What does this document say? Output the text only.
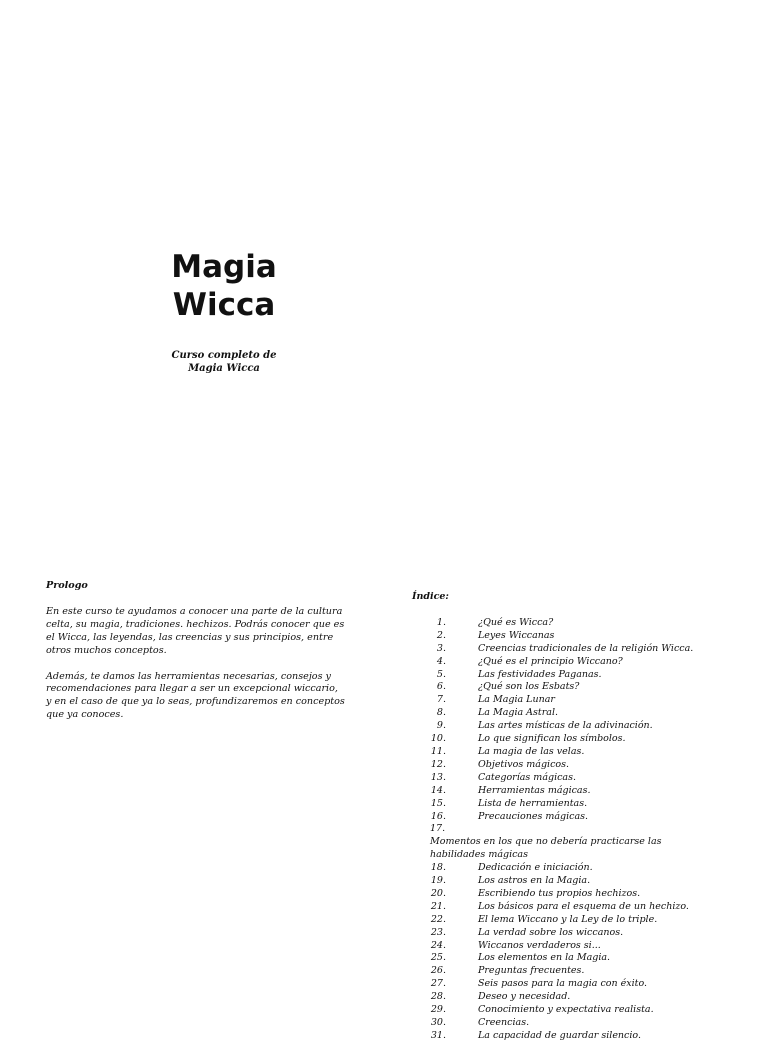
Magia
Wicca

Curso completo de
Magia Wicca

Prologo

En este curso te ayudamos a conocer una parte de la cultura celta, su magia, tradiciones. hechizos. Podrás conocer que es el Wicca, las leyendas, las creencias y sus principios, entre otros muchos conceptos.

Además, te damos las herramientas necesarias, consejos y recomendaciones para llegar a ser un excepcional wiccario, y en el caso de que ya lo seas, profundizaremos en conceptos que ya conoces.

Índice:
1.	¿Qué es Wicca?
2.	Leyes Wiccanas
3.	Creencias tradicionales de la religión Wicca.
4.	¿Qué es el principio Wiccano?
5.	Las festividades Paganas.
6.	¿Qué son los Esbats?
7.	La Magia Lunar
8.	La Magia Astral.
9.	Las artes místicas de la adivinación.
10.	Lo que significan los símbolos.
11.	La magia de las velas.
12.	Objetivos mágicos.
13.	Categorías mágicas.
14.	Herramientas mágicas.
15.	Lista de herramientas.
16.	Precauciones mágicas.
17. Momentos en los que no debería practicarse las habilidades mágicas
18.	Dedicación e iniciación.
19.	Los astros en la Magia.
20.	Escribiendo tus propios hechizos.
21.	Los básicos para el esquema de un hechizo.
22.	El lema Wiccano y la Ley de lo triple.
23.	La verdad sobre los wiccanos.
24.	Wiccanos verdaderos si...
25.	Los elementos en la Magia.
26.	Preguntas frecuentes.
27.	Seis pasos para la magia con éxito.
28.	Deseo y necesidad.
29.	Conocimiento y expectativa realista.
30.	Creencias.
31.	La capacidad de guardar silencio.
